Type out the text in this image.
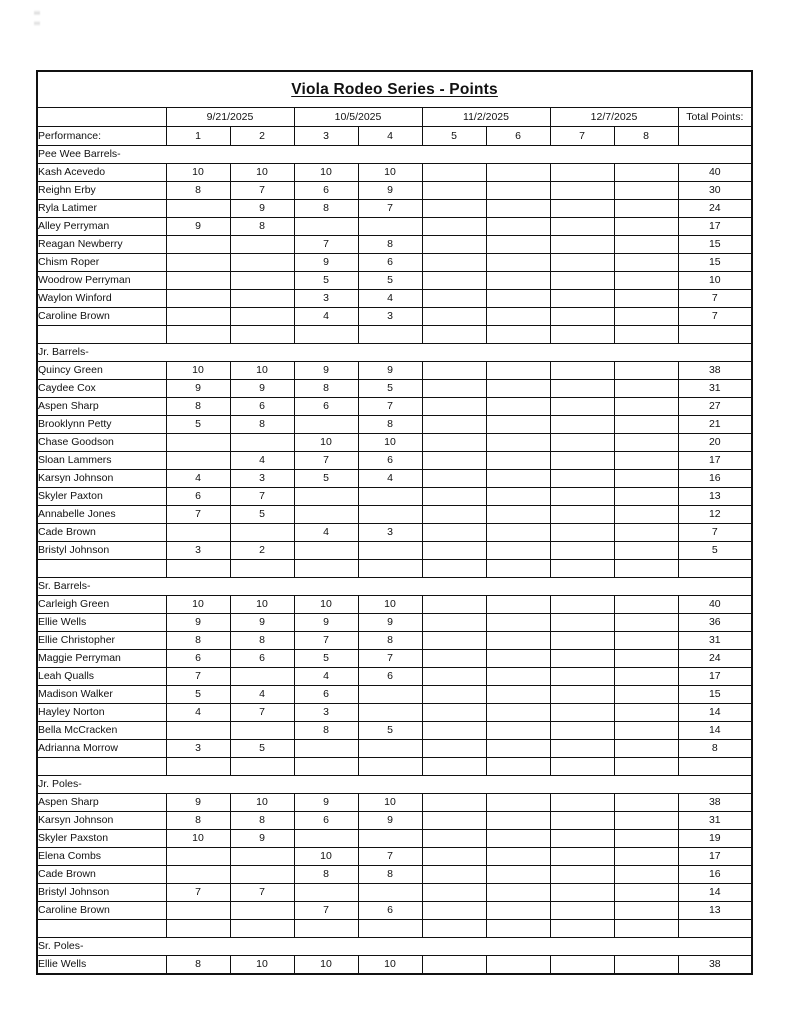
Viola Rodeo Series - Points									
	9/21/2025		10/5/2025		11/2/2025		12/7/2025		Total Points:
Performance:	1	2	3	4	5	6	7	8	
Pee Wee Barrels-									
Kash Acevedo	10	10	10	10					40
Reighn Erby	8	7	6	9					30
Ryla Latimer		9	8	7					24
Alley Perryman	9	8							17
Reagan Newberry			7	8					15
Chism Roper			9	6					15
Woodrow Perryman			5	5					10
Waylon Winford			3	4					7
Caroline Brown			4	3					7

Jr. Barrels-									
Quincy Green	10	10	9	9					38
Caydee Cox	9	9	8	5					31
Aspen Sharp	8	6	6	7					27
Brooklynn Petty	5	8		8					21
Chase Goodson			10	10					20
Sloan Lammers		4	7	6					17
Karsyn Johnson	4	3	5	4					16
Skyler Paxton	6	7							13
Annabelle Jones	7	5							12
Cade Brown			4	3					7
Bristyl Johnson	3	2							5

Sr. Barrels-									
Carleigh Green	10	10	10	10					40
Ellie Wells	9	9	9	9					36
Ellie Christopher	8	8	7	8					31
Maggie Perryman	6	6	5	7					24
Leah Qualls	7		4	6					17
Madison Walker	5	4	6						15
Hayley Norton	4	7	3						14
Bella McCracken			8	5					14
Adrianna Morrow	3	5							8

Jr. Poles-									
Aspen Sharp	9	10	9	10					38
Karsyn Johnson	8	8	6	9					31
Skyler Paxston	10	9							19
Elena Combs			10	7					17
Cade Brown			8	8					16
Bristyl Johnson	7	7							14
Caroline Brown			7	6					13

Sr. Poles-									
Ellie Wells	8	10	10	10					38
